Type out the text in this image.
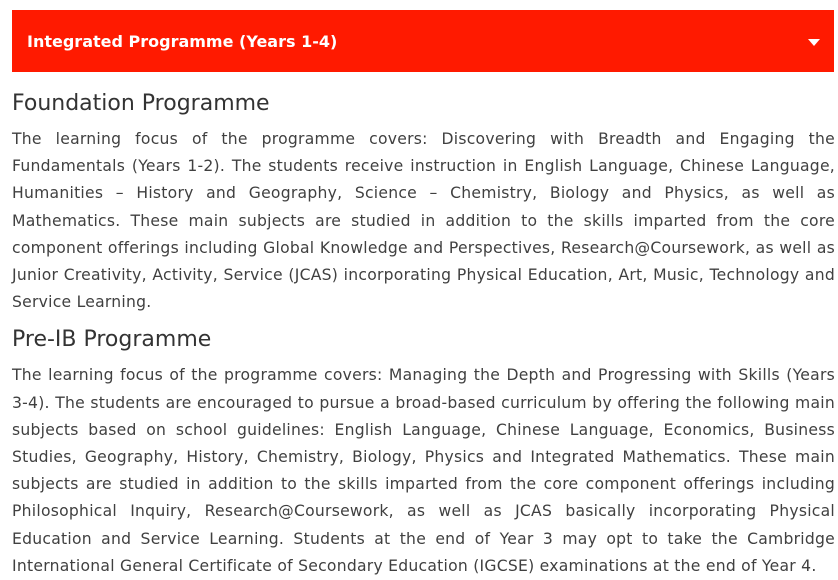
Integrated Programme (Years 1-4)
Foundation Programme

The learning focus of the programme covers: Discovering with Breadth and Engaging the Fundamentals (Years 1-2). The students receive instruction in English Language, Chinese Language, Humanities – History and Geography, Science – Chemistry, Biology and Physics, as well as Mathematics. These main subjects are studied in addition to the skills imparted from the core component offerings including Global Knowledge and Perspectives, Research@Coursework, as well as Junior Creativity, Activity, Service (JCAS) incorporating Physical Education, Art, Music, Technology and Service Learning.

Pre-IB Programme

The learning focus of the programme covers: Managing the Depth and Progressing with Skills (Years 3-4). The students are encouraged to pursue a broad-based curriculum by offering the following main subjects based on school guidelines: English Language, Chinese Language, Economics, Business Studies, Geography, History, Chemistry, Biology, Physics and Integrated Mathematics. These main subjects are studied in addition to the skills imparted from the core component offerings including Philosophical Inquiry, Research@Coursework, as well as JCAS basically incorporating Physical Education and Service Learning. Students at the end of Year 3 may opt to take the Cambridge International General Certificate of Secondary Education (IGCSE) examinations at the end of Year 4.
